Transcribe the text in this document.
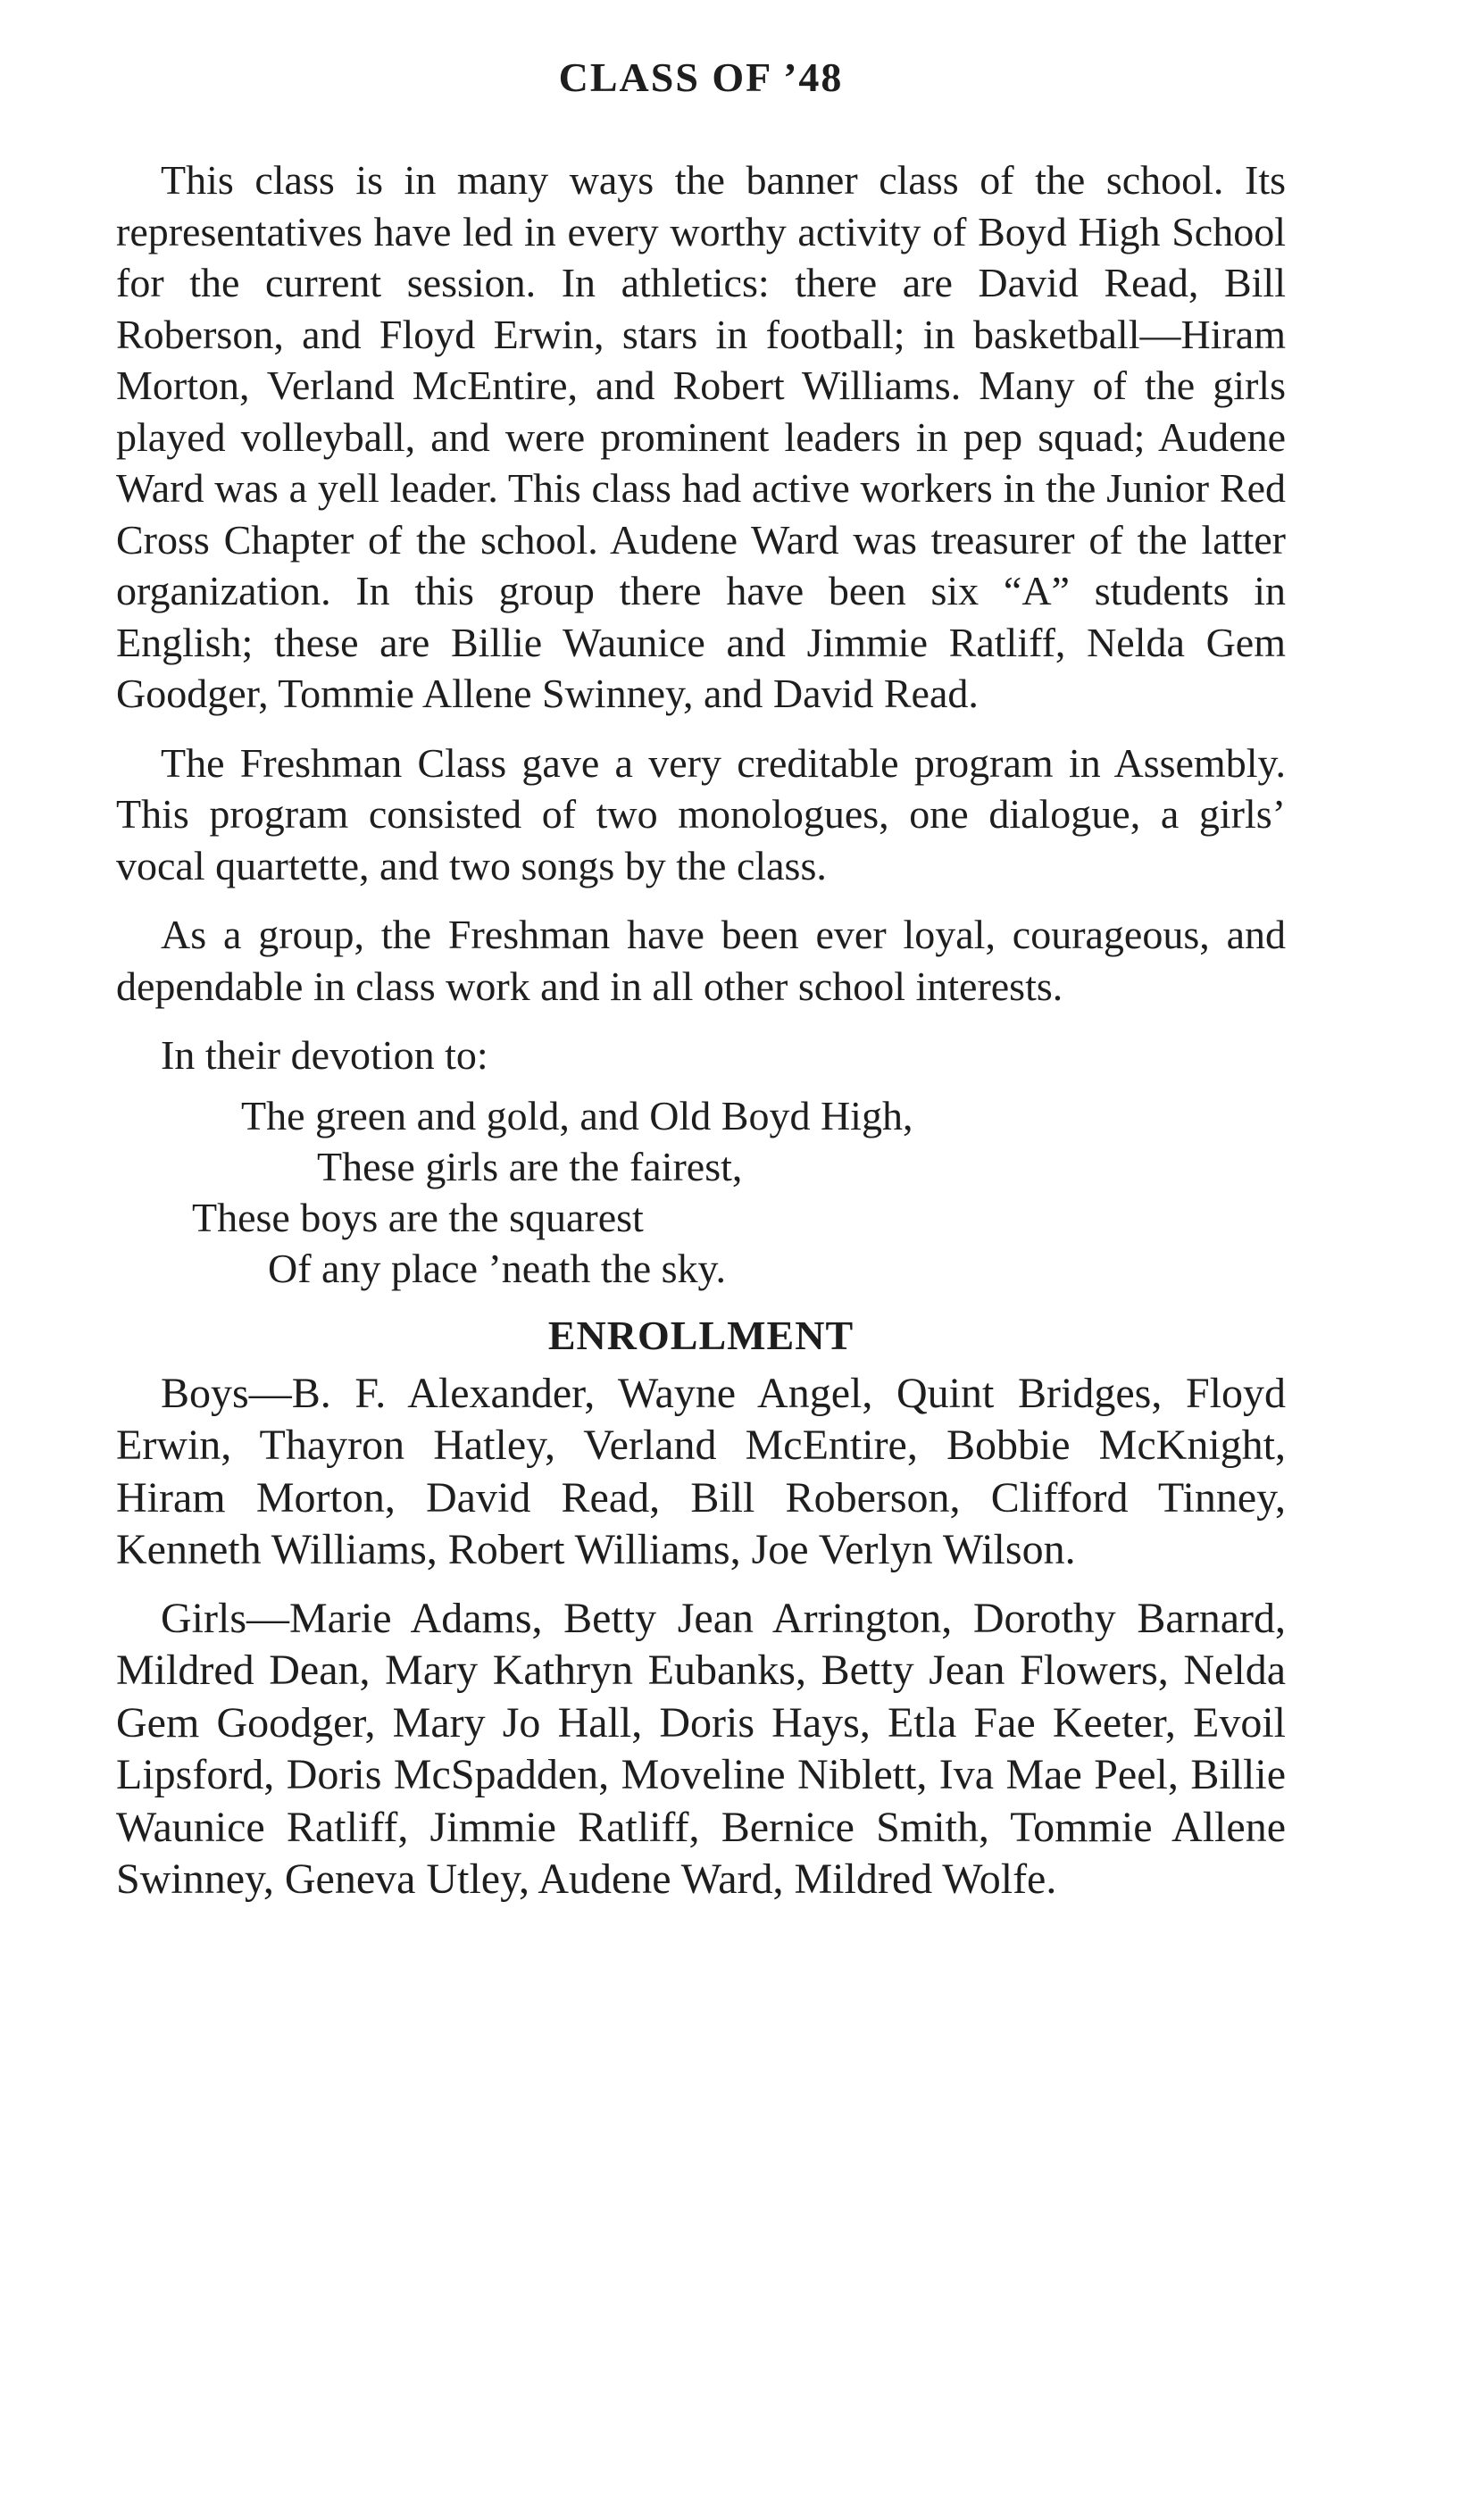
CLASS OF ’48

This class is in many ways the banner class of the school. Its representatives have led in every worthy activity of Boyd High School for the current session. In athletics: there are David Read, Bill Roberson, and Floyd Erwin, stars in football; in basketball—Hiram Morton, Verland McEntire, and Robert Williams. Many of the girls played volleyball, and were prominent leaders in pep squad; Audene Ward was a yell leader. This class had active workers in the Junior Red Cross Chapter of the school. Audene Ward was treasurer of the latter organization. In this group there have been six “A” students in English; these are Billie Waunice and Jimmie Ratliff, Nelda Gem Goodger, Tommie Allene Swinney, and David Read.

The Freshman Class gave a very creditable program in Assembly. This program consisted of two monologues, one dialogue, a girls’ vocal quartette, and two songs by the class.

As a group, the Freshman have been ever loyal, courageous, and dependable in class work and in all other school interests.

In their devotion to:

The green and gold, and Old Boyd High,
These girls are the fairest,
These boys are the squarest
Of any place ’neath the sky.
ENROLLMENT

Boys—B. F. Alexander, Wayne Angel, Quint Bridges, Floyd Erwin, Thayron Hatley, Verland McEntire, Bobbie McKnight, Hiram Morton, David Read, Bill Roberson, Clifford Tinney, Kenneth Williams, Robert Williams, Joe Verlyn Wilson.

Girls—Marie Adams, Betty Jean Arrington, Dorothy Barnard, Mildred Dean, Mary Kathryn Eubanks, Betty Jean Flowers, Nelda Gem Goodger, Mary Jo Hall, Doris Hays, Etla Fae Keeter, Evoil Lipsford, Doris McSpadden, Moveline Niblett, Iva Mae Peel, Billie Waunice Ratliff, Jimmie Ratliff, Bernice Smith, Tommie Allene Swinney, Geneva Utley, Audene Ward, Mildred Wolfe.
